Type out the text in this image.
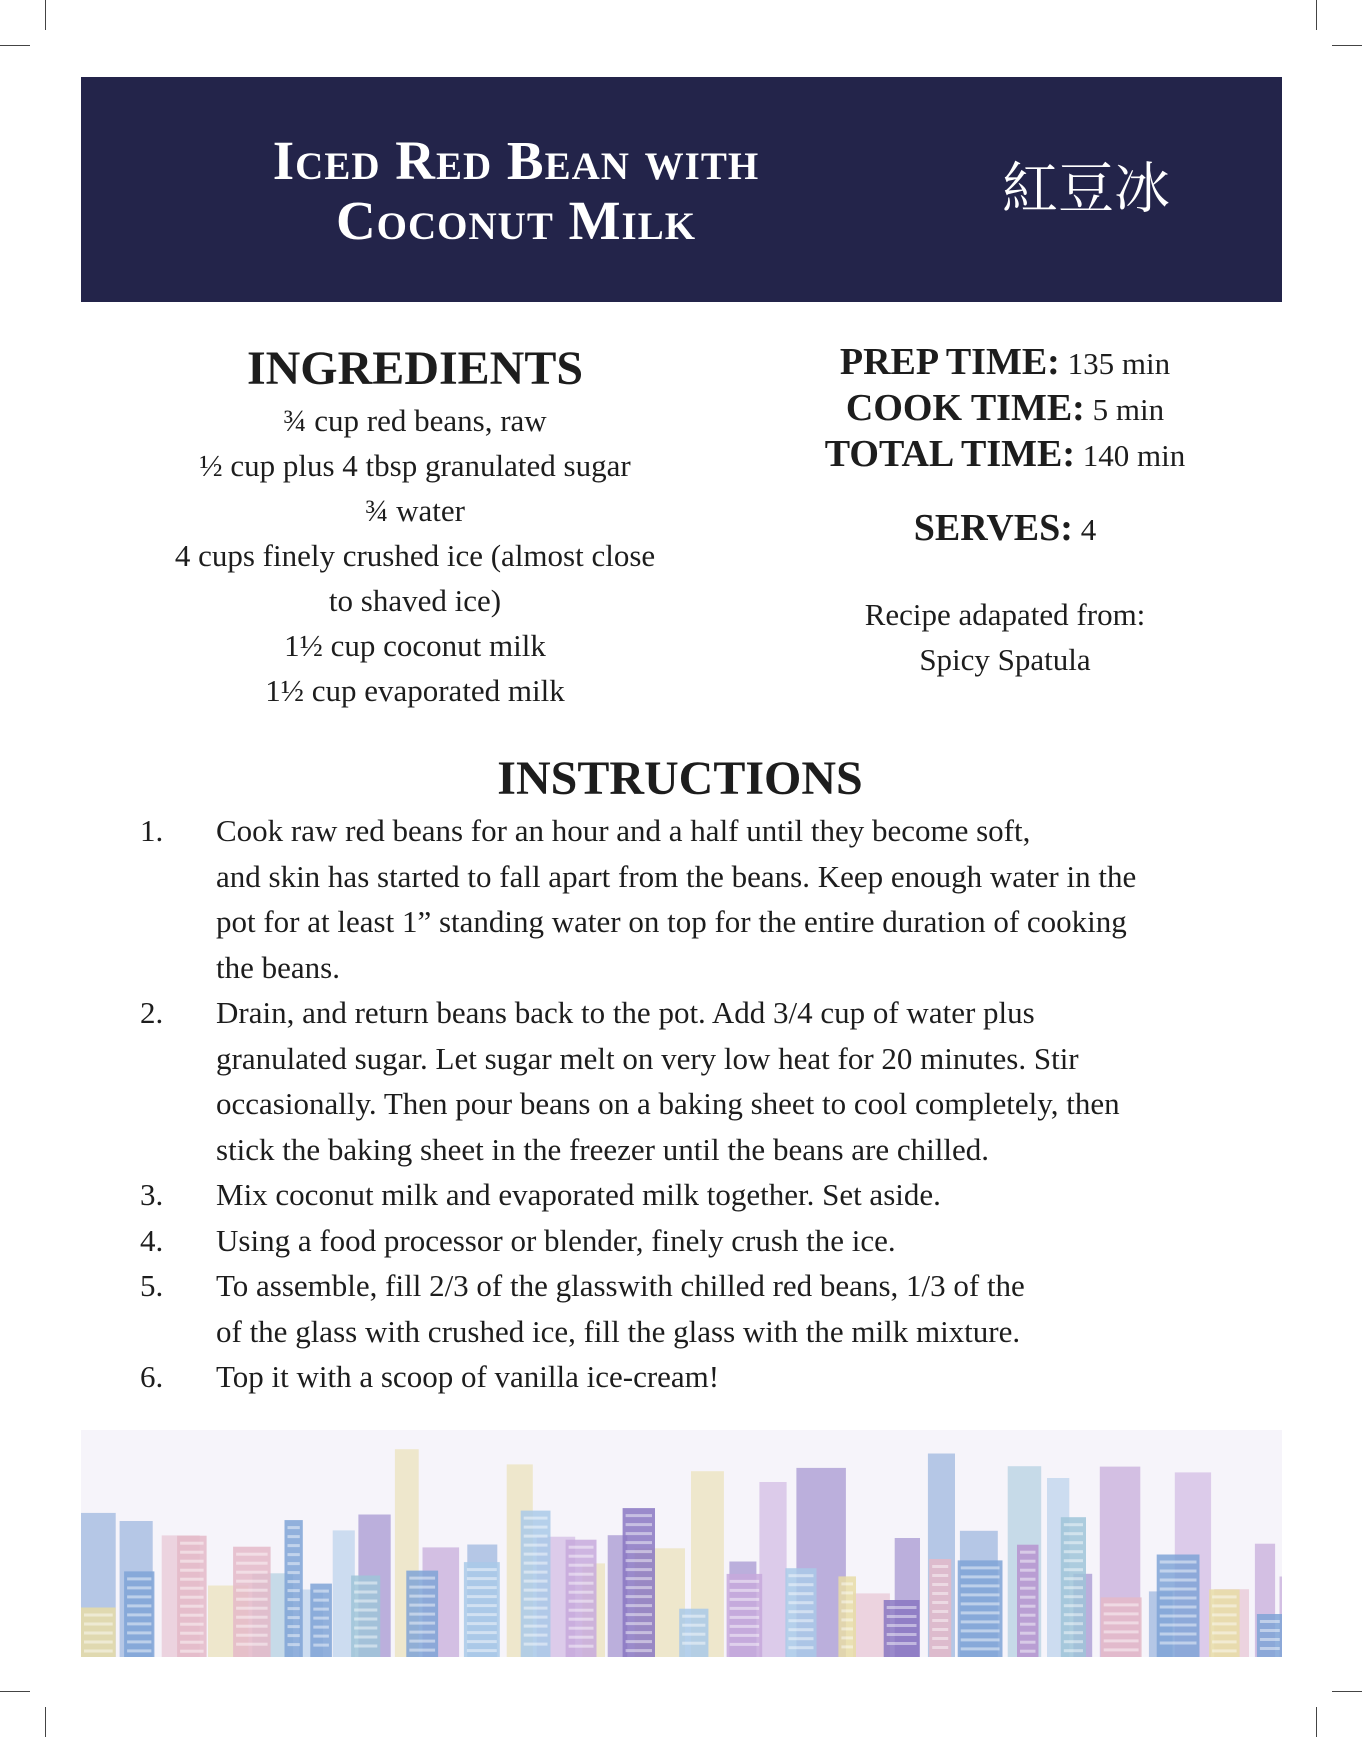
Iced Red Bean with
Coconut Milk	紅豆冰
INGREDIENTS
¾ cup red beans, raw
½ cup plus 4 tbsp granulated sugar
¾ water
4 cups finely crushed ice (almost close
to shaved ice)
1½ cup coconut milk
1½ cup evaporated milk
PREP TIME: 135 min
COOK TIME: 5 min
TOTAL TIME: 140 min
SERVES: 4
Recipe adapated from:
Spicy Spatula
INSTRUCTIONS
1. Cook raw red beans for an hour and a half until they become soft,
and skin has started to fall apart from the beans. Keep enough water in the
pot for at least 1” standing water on top for the entire duration of cooking
the beans.
2. Drain, and return beans back to the pot. Add 3/4 cup of water plus
granulated sugar. Let sugar melt on very low heat for 20 minutes. Stir
occasionally. Then pour beans on a baking sheet to cool completely, then
stick the baking sheet in the freezer until the beans are chilled.
3. Mix coconut milk and evaporated milk together. Set aside.
4. Using a food processor or blender, finely crush the ice.
5. To assemble, fill 2/3 of the glasswith chilled red beans, 1/3 of the
of the glass with crushed ice, fill the glass with the milk mixture.
6. Top it with a scoop of vanilla ice-cream!
